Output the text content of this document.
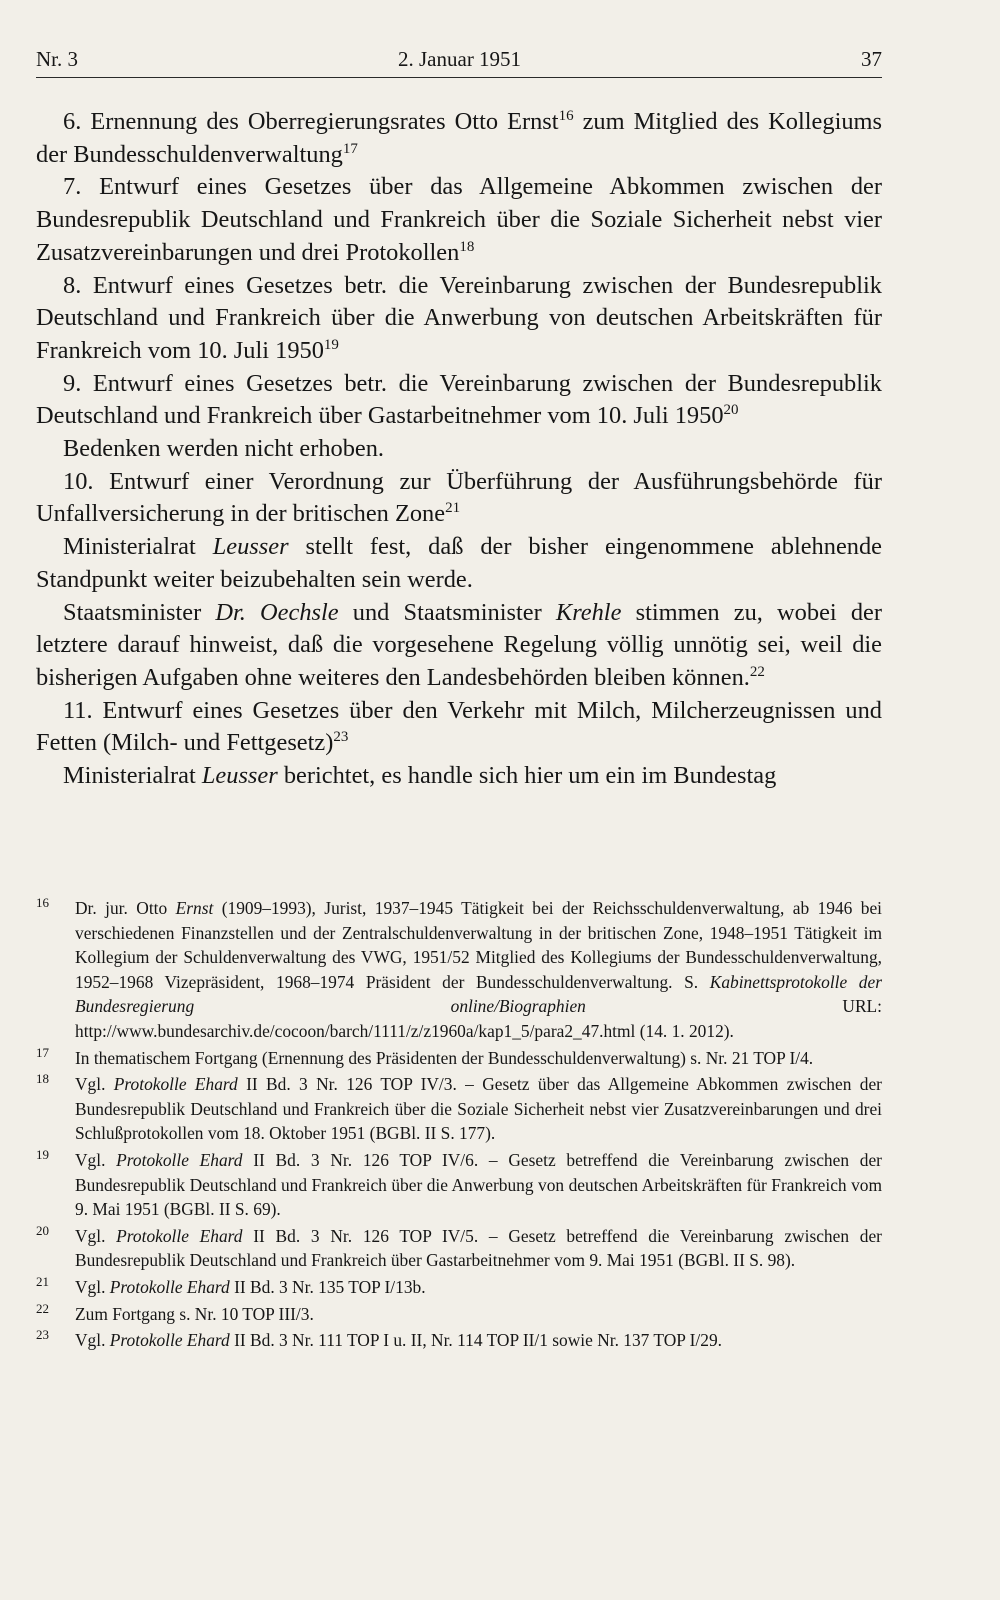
Nr. 3	2. Januar 1951	37

6. Ernennung des Oberregierungsrates Otto Ernst$^{16}$ zum Mitglied des Kollegiums der Bundesschuldenverwaltung$^{17}$

7. Entwurf eines Gesetzes über das Allgemeine Abkommen zwischen der Bundesrepublik Deutschland und Frankreich über die Soziale Sicherheit nebst vier Zusatzvereinbarungen und drei Protokollen$^{18}$

8. Entwurf eines Gesetzes betr. die Vereinbarung zwischen der Bundesrepublik Deutschland und Frankreich über die Anwerbung von deutschen Arbeitskräften für Frankreich vom 10. Juli 1950$^{19}$

9. Entwurf eines Gesetzes betr. die Vereinbarung zwischen der Bundesrepublik Deutschland und Frankreich über Gastarbeitnehmer vom 10. Juli 1950$^{20}$

Bedenken werden nicht erhoben.

10. Entwurf einer Verordnung zur Überführung der Ausführungsbehörde für Unfallversicherung in der britischen Zone$^{21}$

Ministerialrat Leusser stellt fest, daß der bisher eingenommene ablehnende Standpunkt weiter beizubehalten sein werde.

Staatsminister Dr. Oechsle und Staatsminister Krehle stimmen zu, wobei der letztere darauf hinweist, daß die vorgesehene Regelung völlig unnötig sei, weil die bisherigen Aufgaben ohne weiteres den Landesbehörden bleiben können.$^{22}$

11. Entwurf eines Gesetzes über den Verkehr mit Milch, Milcherzeugnissen und Fetten (Milch- und Fettgesetz)$^{23}$

Ministerialrat Leusser berichtet, es handle sich hier um ein im Bundestag

16 Dr. jur. Otto Ernst (1909–1993), Jurist, 1937–1945 Tätigkeit bei der Reichsschuldenverwaltung, ab 1946 bei verschiedenen Finanzstellen und der Zentralschuldenverwaltung in der britischen Zone, 1948–1951 Tätigkeit im Kollegium der Schuldenverwaltung des VWG, 1951/52 Mitglied des Kollegiums der Bundesschuldenverwaltung, 1952–1968 Vizepräsident, 1968–1974 Präsident der Bundesschuldenverwaltung. S. Kabinettsprotokolle der Bundesregierung online/Biographien URL: http://www.bundesarchiv.de/cocoon/barch/1111/z/z1960a/kap1_5/para2_47.html (14. 1. 2012).
17 In thematischem Fortgang (Ernennung des Präsidenten der Bundesschuldenverwaltung) s. Nr. 21 TOP I/4.
18 Vgl. Protokolle Ehard II Bd. 3 Nr. 126 TOP IV/3. – Gesetz über das Allgemeine Abkommen zwischen der Bundesrepublik Deutschland und Frankreich über die Soziale Sicherheit nebst vier Zusatzvereinbarungen und drei Schlußprotokollen vom 18. Oktober 1951 (BGBl. II S. 177).
19 Vgl. Protokolle Ehard II Bd. 3 Nr. 126 TOP IV/6. – Gesetz betreffend die Vereinbarung zwischen der Bundesrepublik Deutschland und Frankreich über die Anwerbung von deutschen Arbeitskräften für Frankreich vom 9. Mai 1951 (BGBl. II S. 69).
20 Vgl. Protokolle Ehard II Bd. 3 Nr. 126 TOP IV/5. – Gesetz betreffend die Vereinbarung zwischen der Bundesrepublik Deutschland und Frankreich über Gastarbeitnehmer vom 9. Mai 1951 (BGBl. II S. 98).
21 Vgl. Protokolle Ehard II Bd. 3 Nr. 135 TOP I/13b.
22 Zum Fortgang s. Nr. 10 TOP III/3.
23 Vgl. Protokolle Ehard II Bd. 3 Nr. 111 TOP I u. II, Nr. 114 TOP II/1 sowie Nr. 137 TOP I/29.
